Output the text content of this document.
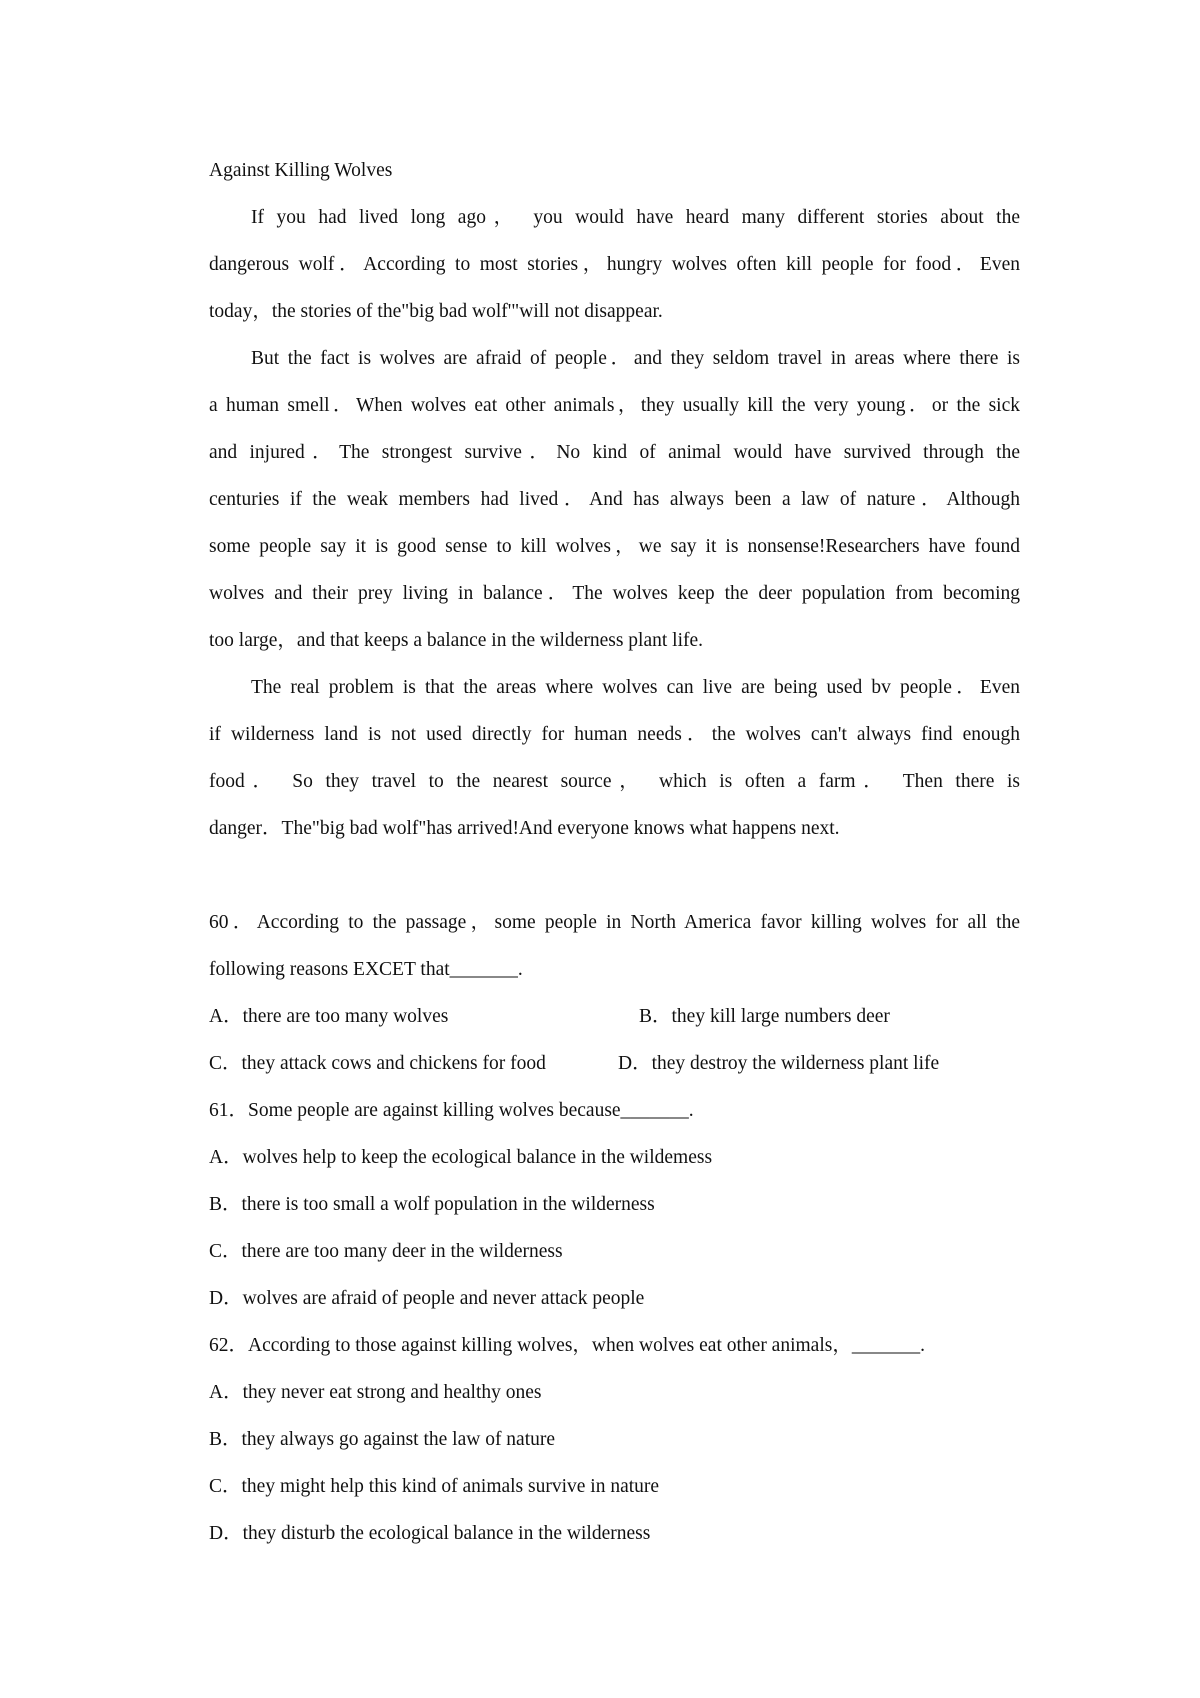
Against Killing Wolves
If you had lived long ago， you would have heard many different stories about the
dangerous wolf．According to most stories，hungry wolves often kill people for food．Even
today，the stories of the"big bad wolf'"will not disappear.
But the fact is wolves are afraid of people．and they seldom travel in areas where there is
a human smell．When wolves eat other animals，they usually kill the very young．or the sick
and injured．The strongest survive．No kind of animal would have survived through the
centuries if the weak members had lived．And has always been a law of nature．Although
some people say it is good sense to kill wolves，we say it is nonsense!Researchers have found
wolves and their prey living in balance．The wolves keep the deer population from becoming
too large，and that keeps a balance in the wilderness plant life.
The real problem is that the areas where wolves can live are being used bv people．Even
if wilderness land is not used directly for human needs．the wolves can't always find enough
food． So they travel to the nearest source， which is often a farm． Then there is
danger．The"big bad wolf"has arrived!And everyone knows what happens next.
60．According to the passage，some people in North America favor killing wolves for all the
following reasons EXCET that_______.
A．there are too many wolves	B．they kill large numbers deer
C．they attack cows and chickens for food	D．they destroy the wilderness plant life
61．Some people are against killing wolves because_______.
A．wolves help to keep the ecological balance in the wildemess
B．there is too small a wolf population in the wilderness
C．there are too many deer in the wilderness
D．wolves are afraid of people and never attack people
62．According to those against killing wolves，when wolves eat other animals，_______.
A．they never eat strong and healthy ones
B．they always go against the law of nature
C．they might help this kind of animals survive in nature
D．they disturb the ecological balance in the wilderness
